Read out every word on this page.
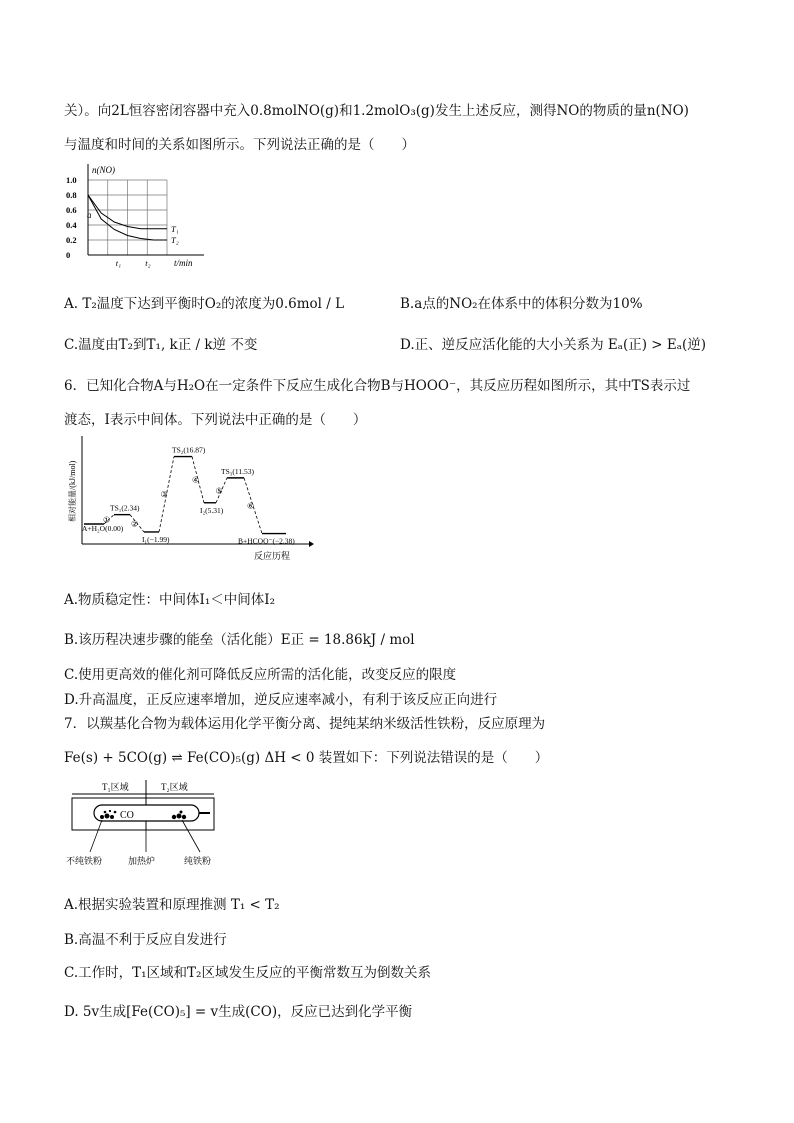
关）。向2L恒容密闭容器中充入0.8molNO(g)和1.2molO₃(g)发生上述反应，测得NO的物质的量n(NO)
与温度和时间的关系如图所示。下列说法正确的是（　　）
n(NO)
t/min
1.0
0.8
0.6
0.4
0.2
0
t₁	t₂
T₁
T₂
a
A. T₂温度下达到平衡时O₂的浓度为0.6mol / L	B.a点的NO₂在体系中的体积分数为10%
C.温度由T₂到T₁, k正 / k逆 不变	D.正、逆反应活化能的大小关系为 Eₐ(正) > Eₐ(逆)
6．已知化合物A与H₂O在一定条件下反应生成化合物B与HOOO⁻，其反应历程如图所示，其中TS表示过
渡态，I表示中间体。下列说法中正确的是（　　）
相对能量/(kJ/mol)
反应历程
A+H₂O(0.00)
TS₁(2.34)
I₁(−1.99)
TS₂(16.87)
I₂(5.31)
TS₃(11.53)
B+HCOO⁻(−2.38)
①	②
③
④
⑤
⑥
A.物质稳定性：中间体I₁＜中间体I₂
B.该历程决速步骤的能垒（活化能）E正 = 18.86kJ / mol
C.使用更高效的催化剂可降低反应所需的活化能，改变反应的限度
D.升高温度，正反应速率增加，逆反应速率减小，有利于该反应正向进行
7．以羰基化合物为载体运用化学平衡分离、提纯某纳米级活性铁粉，反应原理为
Fe(s) + 5CO(g) ⇌ Fe(CO)₅(g) ΔH < 0 装置如下：下列说法错误的是（　　）
T₁区域	T₂区域
CO
不纯铁粉	加热炉	纯铁粉
A.根据实验装置和原理推测 T₁ < T₂
B.高温不利于反应自发进行
C.工作时，T₁区域和T₂区域发生反应的平衡常数互为倒数关系
D. 5v生成[Fe(CO)₅] = v生成(CO)，反应已达到化学平衡
